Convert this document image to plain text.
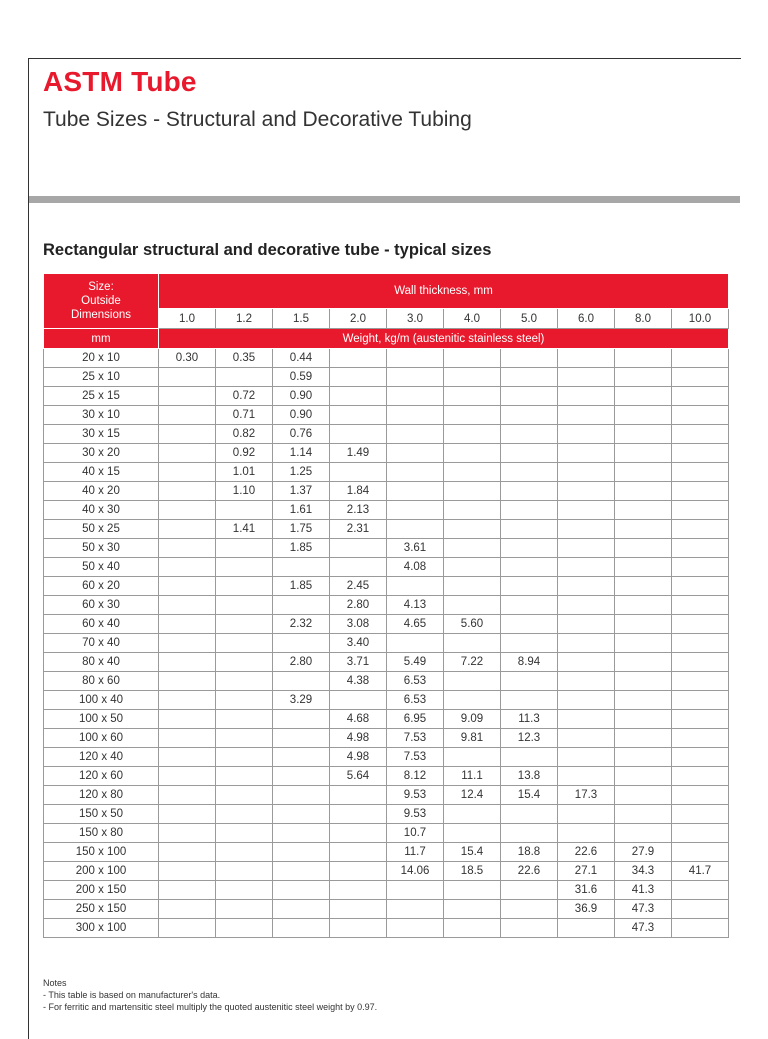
ASTM Tube
Tube Sizes - Structural and Decorative Tubing
Rectangular structural and decorative tube - typical sizes
Size:
Outside
Dimensions	Wall thickness, mm									
	1.0	1.2	1.5	2.0	3.0	4.0	5.0	6.0	8.0	10.0
mm	Weight, kg/m (austenitic stainless steel)									
20 x 10	0.30	0.35	0.44							
25 x 10			0.59							
25 x 15		0.72	0.90							
30 x 10		0.71	0.90							
30 x 15		0.82	0.76							
30 x 20		0.92	1.14	1.49						
40 x 15		1.01	1.25							
40 x 20		1.10	1.37	1.84						
40 x 30			1.61	2.13						
50 x 25		1.41	1.75	2.31						
50 x 30			1.85		3.61					
50 x 40					4.08					
60 x 20			1.85	2.45						
60 x 30				2.80	4.13					
60 x 40			2.32	3.08	4.65	5.60				
70 x 40				3.40						
80 x 40			2.80	3.71	5.49	7.22	8.94			
80 x 60				4.38	6.53					
100 x 40			3.29		6.53					
100 x 50				4.68	6.95	9.09	11.3			
100 x 60				4.98	7.53	9.81	12.3			
120 x 40				4.98	7.53					
120 x 60				5.64	8.12	11.1	13.8			
120 x 80					9.53	12.4	15.4	17.3		
150 x 50					9.53					
150 x 80					10.7					
150 x 100					11.7	15.4	18.8	22.6	27.9	
200 x 100					14.06	18.5	22.6	27.1	34.3	41.7
200 x 150								31.6	41.3	
250 x 150								36.9	47.3	
300 x 100									47.3	
Notes
- This table is based on manufacturer's data.
- For ferritic and martensitic steel multiply the quoted austenitic steel weight by 0.97.
